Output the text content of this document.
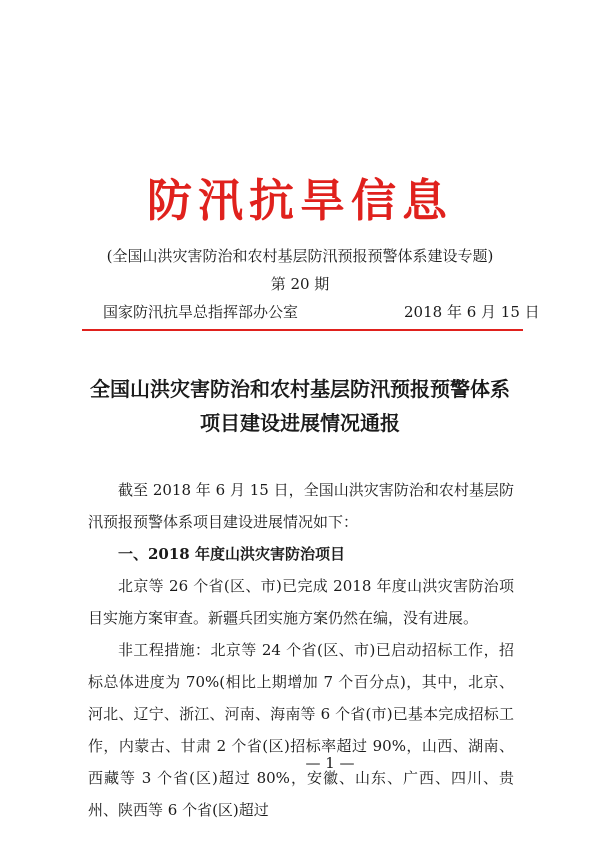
防汛抗旱信息
(全国山洪灾害防治和农村基层防汛预报预警体系建设专题)
第 20 期
国家防汛抗旱总指挥部办公室	2018 年 6 月 15 日
全国山洪灾害防治和农村基层防汛预报预警体系
项目建设进展情况通报

截至 2018 年 6 月 15 日，全国山洪灾害防治和农村基层防汛预报预警体系项目建设进展情况如下：

一、2018 年度山洪灾害防治项目

北京等 26 个省(区、市)已完成 2018 年度山洪灾害防治项目实施方案审查。新疆兵团实施方案仍然在编，没有进展。

非工程措施：北京等 24 个省(区、市)已启动招标工作，招标总体进度为 70%(相比上期增加 7 个百分点)，其中，北京、河北、辽宁、浙江、河南、海南等 6 个省(市)已基本完成招标工作，内蒙古、甘肃 2 个省(区)招标率超过 90%，山西、湖南、西藏等 3 个省(区)超过 80%，安徽、山东、广西、四川、贵州、陕西等 6 个省(区)超过

— 1 —
